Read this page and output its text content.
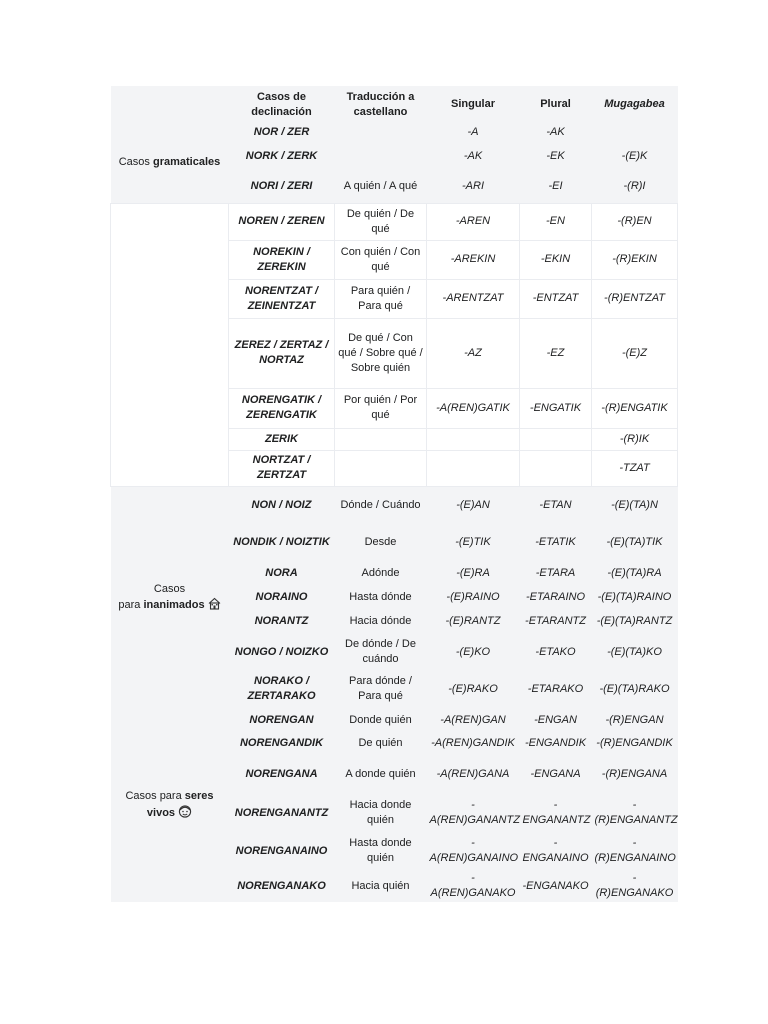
	Casos de declinación	Traducción a castellano	Singular	Plural	Mugagabea
Casos gramaticales	NOR / ZER		-A	-AK	
	NORK / ZERK		-AK	-EK	-(E)K
	NORI / ZERI	A quién / A qué	-ARI	-EI	-(R)I
	NOREN / ZEREN	De quién / De qué	-AREN	-EN	-(R)EN
	NOREKIN / ZEREKIN	Con quién / Con qué	-AREKIN	-EKIN	-(R)EKIN
	NORENTZAT / ZEINENTZAT	Para quién / Para qué	-ARENTZAT	-ENTZAT	-(R)ENTZAT
	ZEREZ / ZERTAZ / NORTAZ	De qué / Con qué / Sobre qué / Sobre quién	-AZ	-EZ	-(E)Z
	NORENGATIK / ZERENGATIK	Por quién / Por qué	-A(REN)GATIK	-ENGATIK	-(R)ENGATIK
	ZERIK				-(R)IK
	NORTZAT / ZERTZAT				-TZAT
Casos
para inanimados	NON / NOIZ	Dónde / Cuándo	-(E)AN	-ETAN	-(E)(TA)N
	NONDIK / NOIZTIK	Desde	-(E)TIK	-ETATIK	-(E)(TA)TIK
	NORA	Adónde	-(E)RA	-ETARA	-(E)(TA)RA
	NORAINO	Hasta dónde	-(E)RAINO	-ETARAINO	-(E)(TA)RAINO
	NORANTZ	Hacia dónde	-(E)RANTZ	-ETARANTZ	-(E)(TA)RANTZ
	NONGO / NOIZKO	De dónde / De cuándo	-(E)KO	-ETAKO	-(E)(TA)KO
	NORAKO / ZERTARAKO	Para dónde / Para qué	-(E)RAKO	-ETARAKO	-(E)(TA)RAKO
Casos para seres
vivos	NORENGAN	Donde quién	-A(REN)GAN	-ENGAN	-(R)ENGAN
	NORENGANDIK	De quién	-A(REN)GANDIK	-ENGANDIK	-(R)ENGANDIK
	NORENGANA	A donde quién	-A(REN)GANA	-ENGANA	-(R)ENGANA
	NORENGANANTZ	Hacia donde quién	-A(REN)GANANTZ	-ENGANANTZ	-(R)ENGANANTZ
	NORENGANAINO	Hasta donde quién	-A(REN)GANAINO	-ENGANAINO	-(R)ENGANAINO
	NORENGANAKO	Hacia quién	-A(REN)GANAKO	-ENGANAKO	-(R)ENGANAKO
